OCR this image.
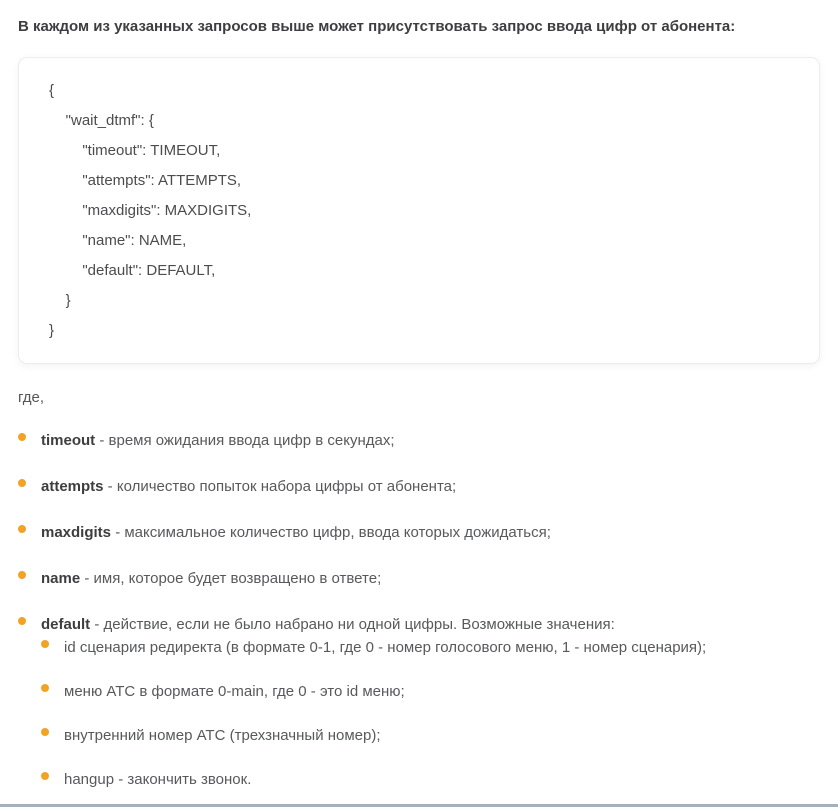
В каждом из указанных запросов выше может присутствовать запрос ввода цифр от абонента:

{
"wait_dtmf": {
"timeout": TIMEOUT,
"attempts": ATTEMPTS,
"maxdigits": MAXDIGITS,
"name": NAME,
"default": DEFAULT,
}
}

где,

timeout - время ожидания ввода цифр в секундах;
attempts - количество попыток набора цифры от абонента;
maxdigits - максимальное количество цифр, ввода которых дожидаться;
name - имя, которое будет возвращено в ответе;
default - действие, если не было набрано ни одной цифры. Возможные значения:
id сценария редиректа (в формате 0-1, где 0 - номер голосового меню, 1 - номер сценария);
меню АТС в формате 0-main, где 0 - это id меню;
внутренний номер АТС (трехзначный номер);
hangup - закончить звонок.
